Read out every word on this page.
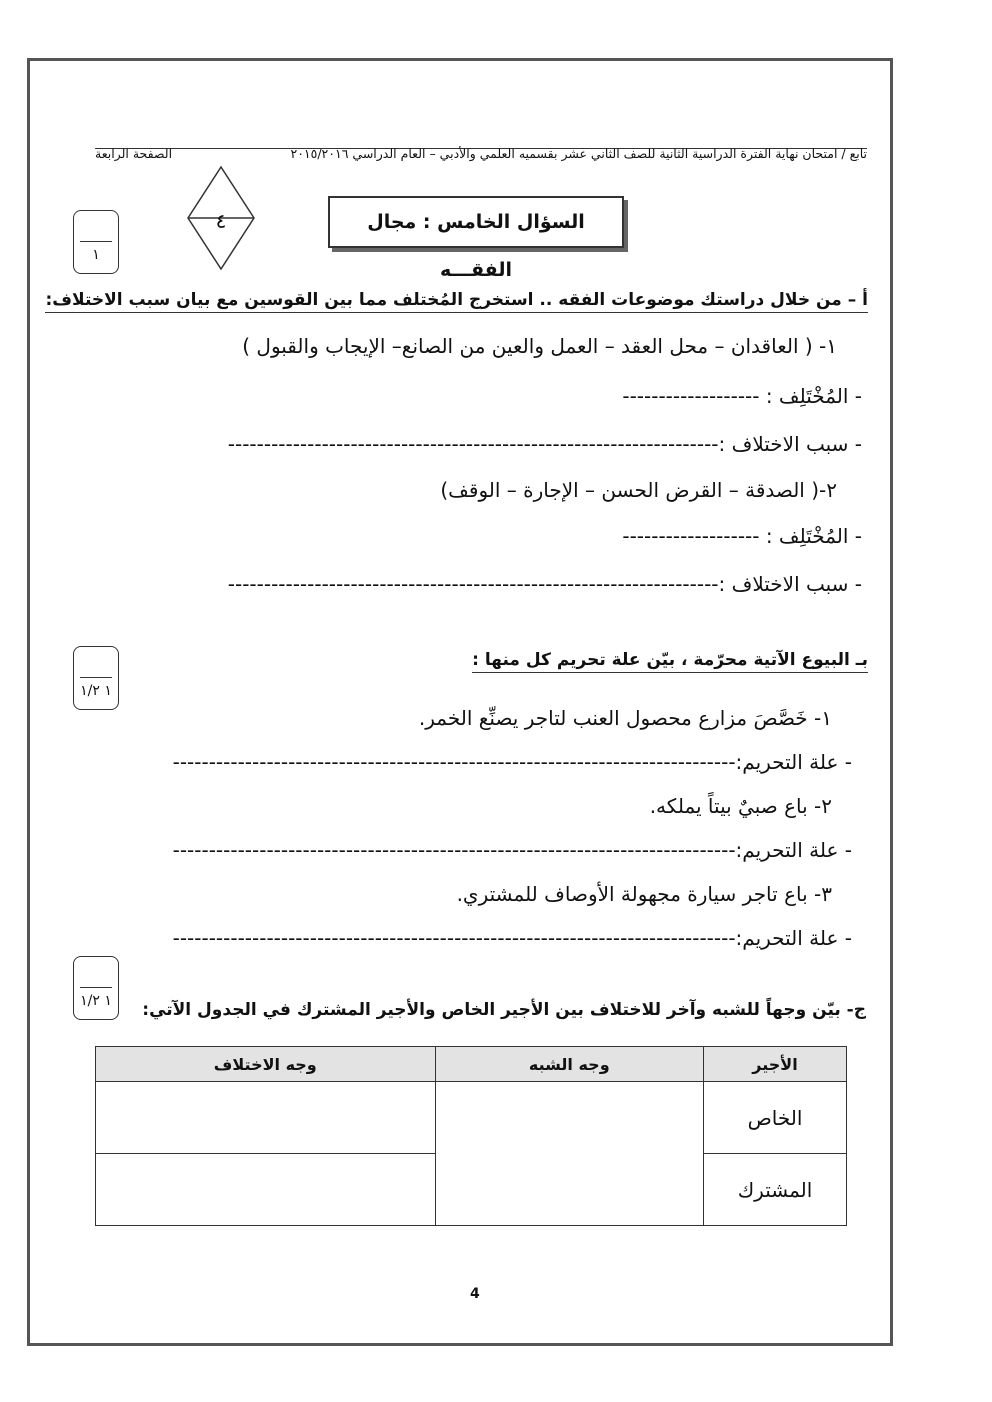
تابع / امتحان نهاية الفترة الدراسية الثانية للصف الثاني عشر بقسميه العلمي والأدبي – العام الدراسي ٢٠١٥/٢٠١٦
الصفحة الرابعة
١
٤	السؤال الخامس : مجال الفقـــه
أ – من خلال دراستك موضوعات الفقه .. استخرج المُختلف مما بين القوسين مع بيان سبب الاختلاف:
١- ( العاقدان – محل العقد – العمل والعين من الصانع– الإيجاب والقبول )
- المُخْتَلِف : -------------------
- سبب الاختلاف :--------------------------------------------------------------------
٢-( الصدقة – القرض الحسن – الإجارة – الوقف)
- المُخْتَلِف : -------------------
- سبب الاختلاف :--------------------------------------------------------------------
١ ١/٢
بـ البيوع الآتية محرّمة ، بيّن علة تحريم كل منها :
١- خَصَّصَ مزارع محصول العنب لتاجر يصنِّع الخمر.
- علة التحريم:------------------------------------------------------------------------------
٢- باع صبيٌ بيتاً يملكه.
- علة التحريم:------------------------------------------------------------------------------
٣- باع تاجر سيارة مجهولة الأوصاف للمشتري.
- علة التحريم:------------------------------------------------------------------------------
١ ١/٢	ج- بيّن وجهاً للشبه وآخر للاختلاف بين الأجير الخاص والأجير المشترك في الجدول الآتي:
الأجير	وجه الشبه	وجه الاختلاف
الخاص		
المشترك		
4
